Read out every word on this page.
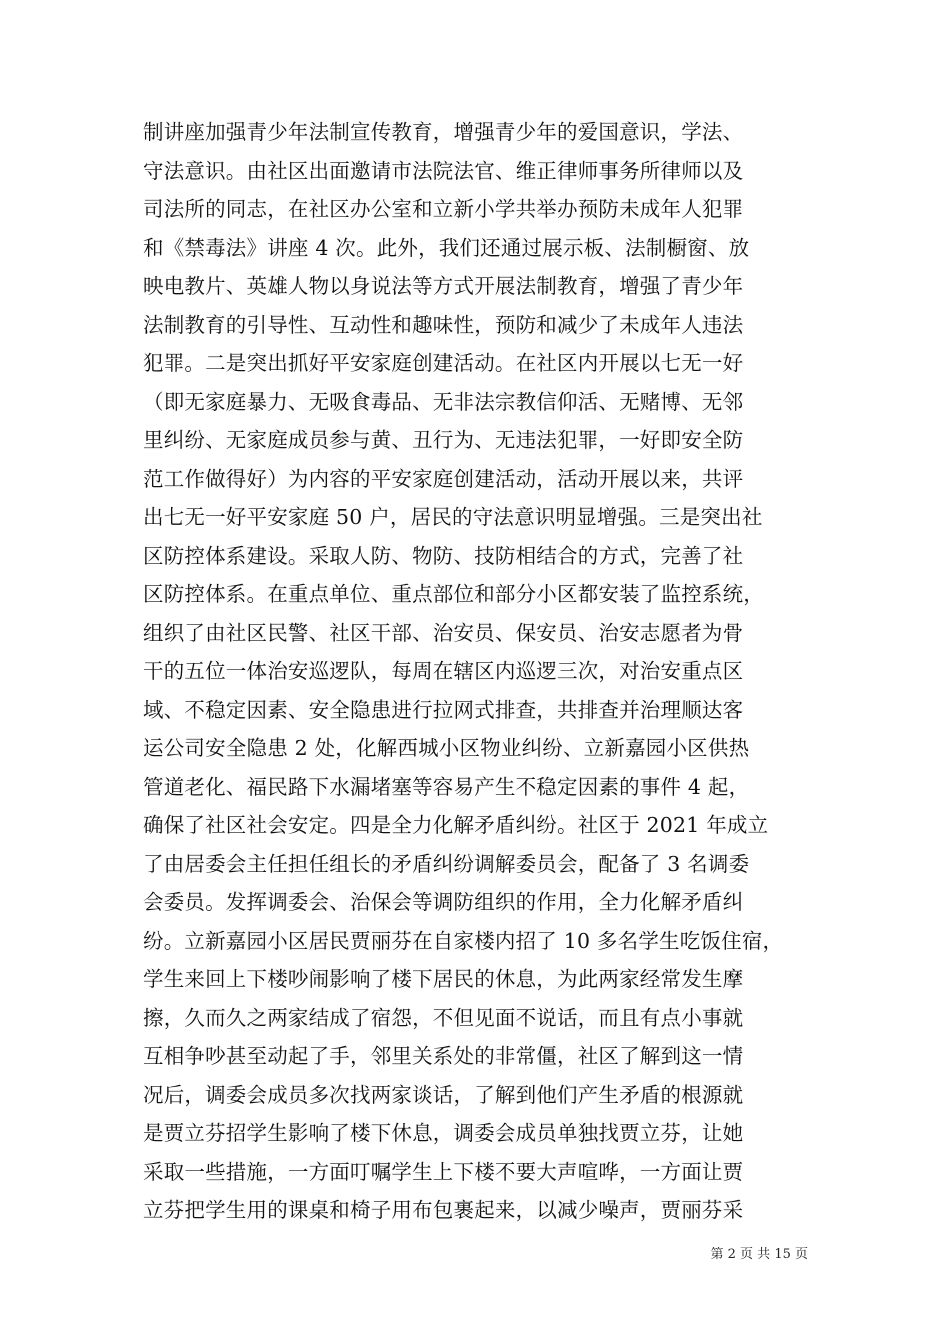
制讲座加强青少年法制宣传教育，增强青少年的爱国意识，学法、
守法意识。由社区出面邀请市法院法官、维正律师事务所律师以及
司法所的同志，在社区办公室和立新小学共举办预防未成年人犯罪
和《禁毒法》讲座 4 次。此外，我们还通过展示板、法制橱窗、放
映电教片、英雄人物以身说法等方式开展法制教育，增强了青少年
法制教育的引导性、互动性和趣味性，预防和减少了未成年人违法
犯罪。二是突出抓好平安家庭创建活动。在社区内开展以七无一好
（即无家庭暴力、无吸食毒品、无非法宗教信仰活、无赌博、无邻
里纠纷、无家庭成员参与黄、丑行为、无违法犯罪，一好即安全防
范工作做得好）为内容的平安家庭创建活动，活动开展以来，共评
出七无一好平安家庭 50 户，居民的守法意识明显增强。三是突出社
区防控体系建设。采取人防、物防、技防相结合的方式，完善了社
区防控体系。在重点单位、重点部位和部分小区都安装了监控系统，
组织了由社区民警、社区干部、治安员、保安员、治安志愿者为骨
干的五位一体治安巡逻队，每周在辖区内巡逻三次，对治安重点区
域、不稳定因素、安全隐患进行拉网式排查，共排查并治理顺达客
运公司安全隐患 2 处，化解西城小区物业纠纷、立新嘉园小区供热
管道老化、福民路下水漏堵塞等容易产生不稳定因素的事件 4 起，
确保了社区社会安定。四是全力化解矛盾纠纷。社区于 2021 年成立
了由居委会主任担任组长的矛盾纠纷调解委员会，配备了 3 名调委
会委员。发挥调委会、治保会等调防组织的作用，全力化解矛盾纠
纷。立新嘉园小区居民贾丽芬在自家楼内招了 10 多名学生吃饭住宿，
学生来回上下楼吵闹影响了楼下居民的休息，为此两家经常发生摩
擦，久而久之两家结成了宿怨，不但见面不说话，而且有点小事就
互相争吵甚至动起了手，邻里关系处的非常僵，社区了解到这一情
况后，调委会成员多次找两家谈话，了解到他们产生矛盾的根源就
是贾立芬招学生影响了楼下休息，调委会成员单独找贾立芬，让她
采取一些措施，一方面叮嘱学生上下楼不要大声喧哗，一方面让贾
立芬把学生用的课桌和椅子用布包裹起来，以减少噪声，贾丽芬采
第 2 页 共 15 页
